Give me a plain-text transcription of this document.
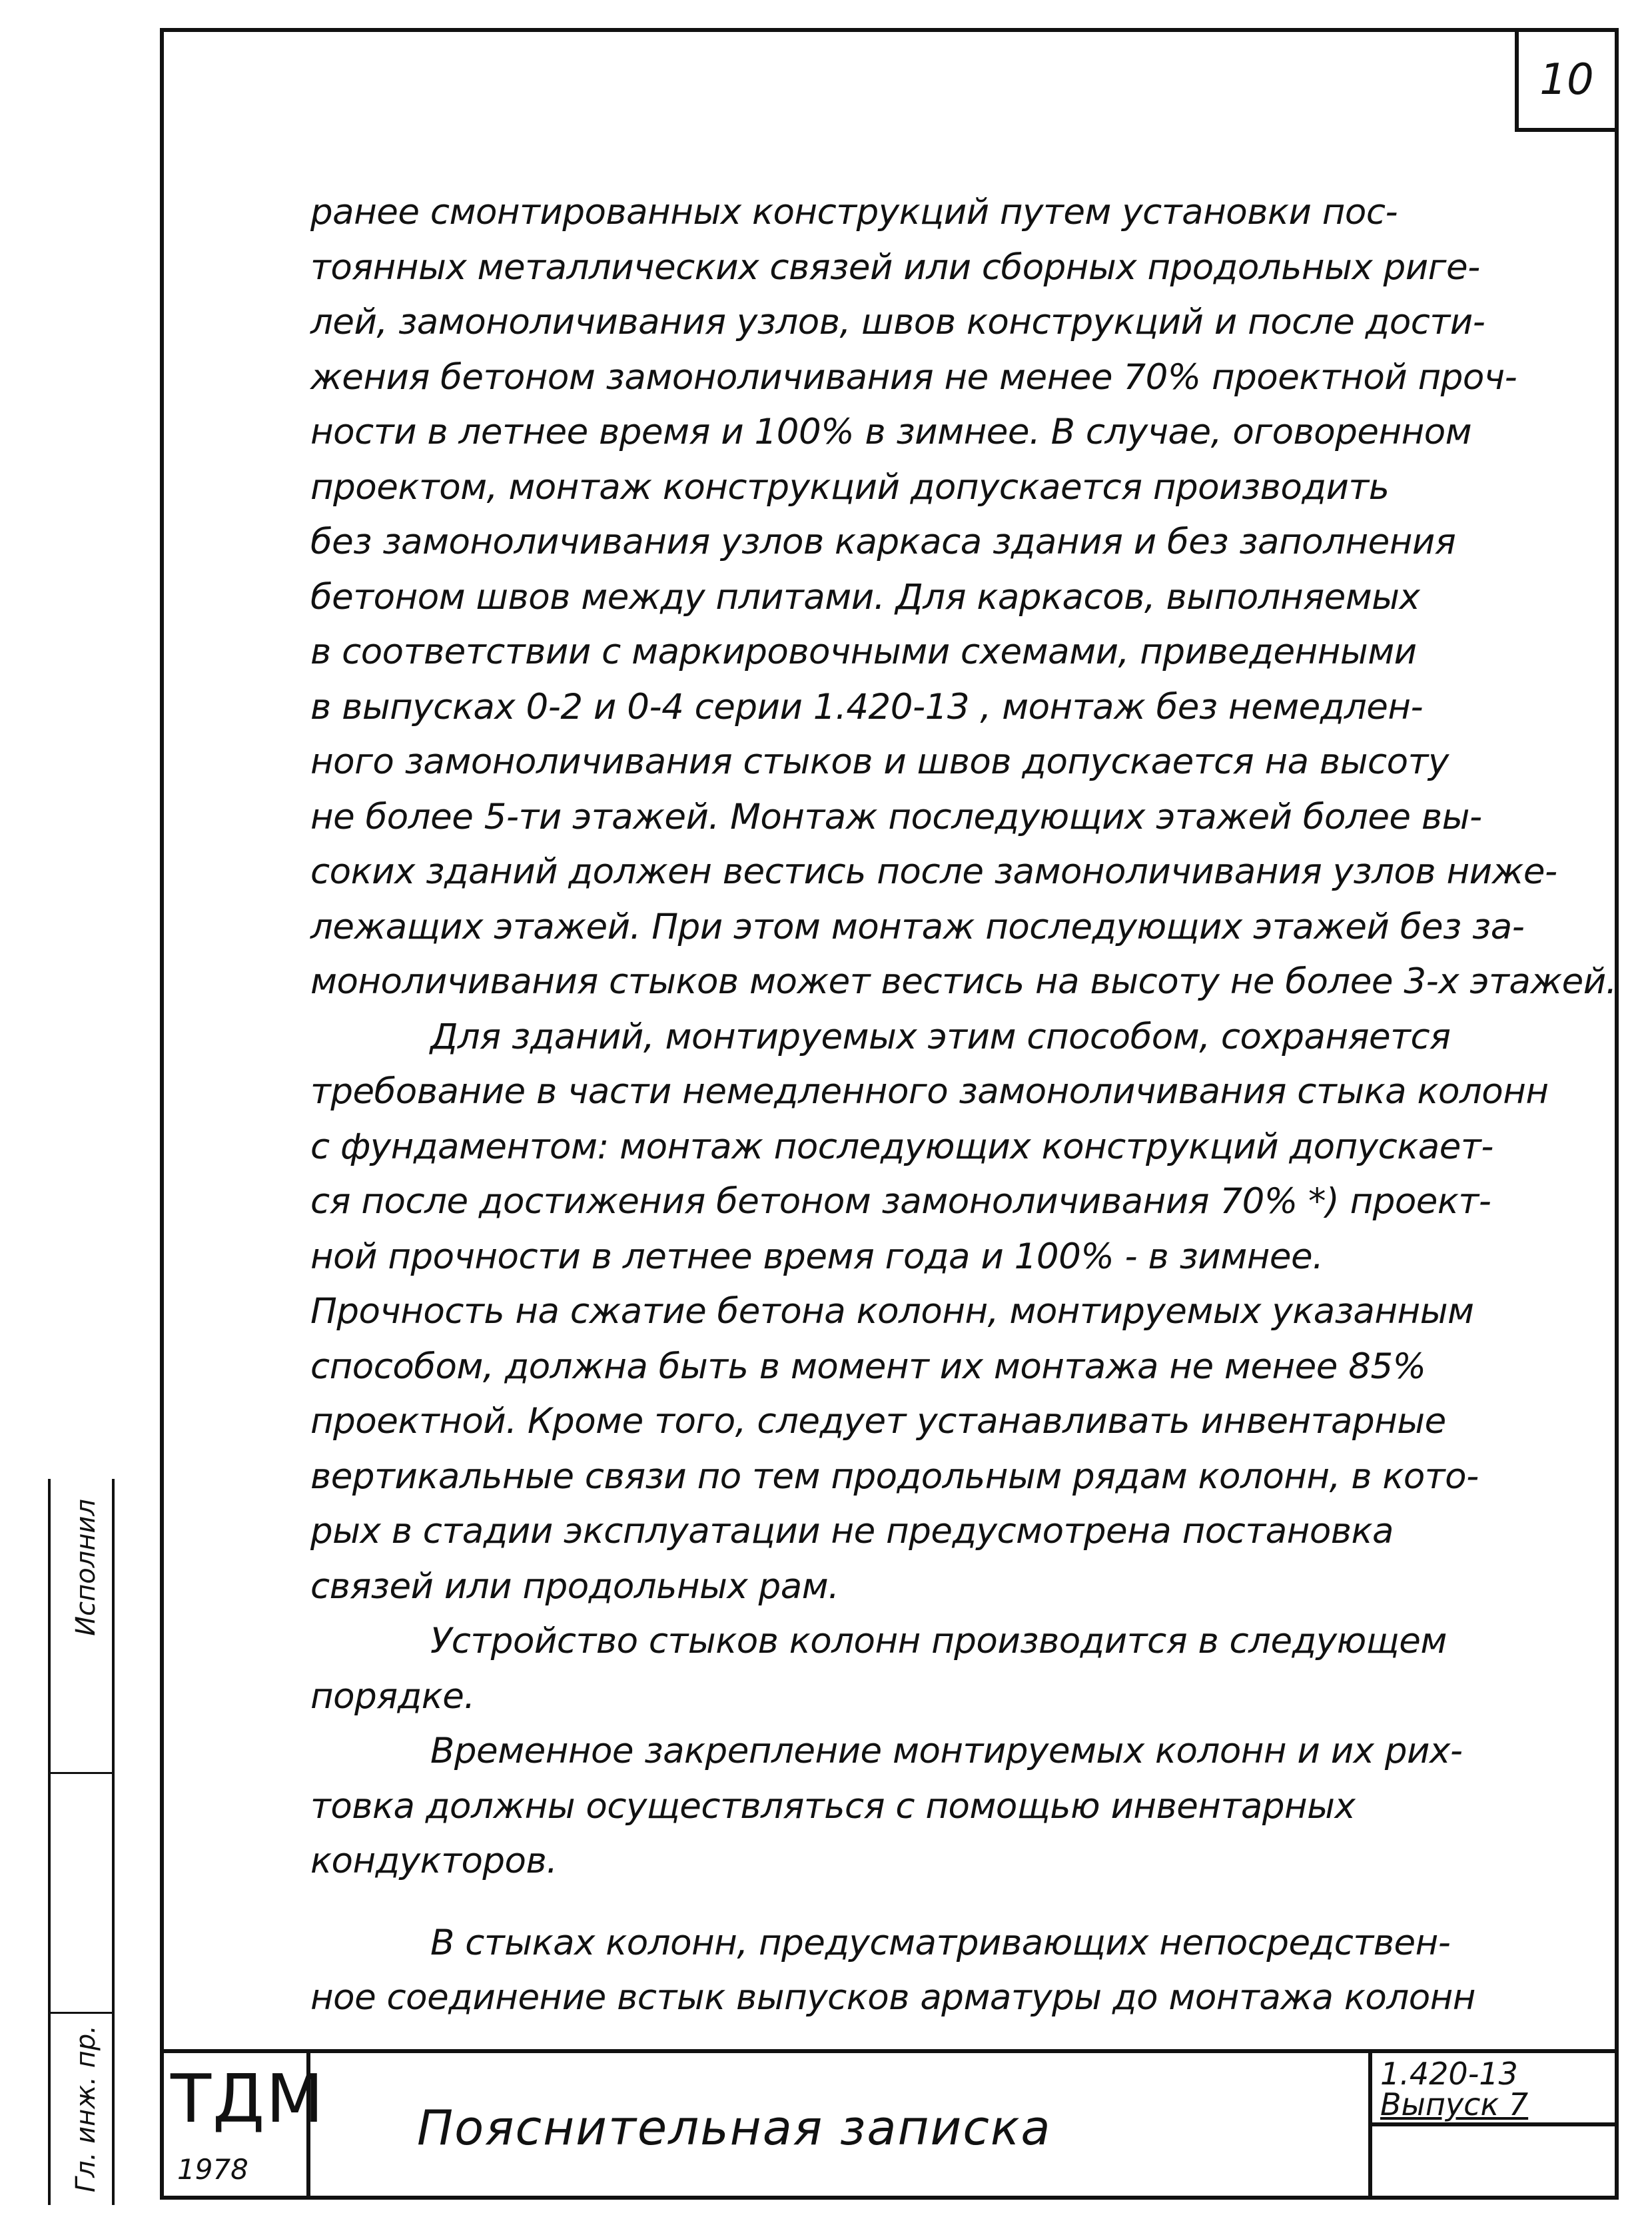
10
ранее смонтированных конструкций путем установки пос-
тоянных металлических связей или сборных продольных риге-
лей, замоноличивания узлов, швов конструкций и после дости-
жения бетоном замоноличивания не менее 70% проектной проч-
ности в летнее время и 100% в зимнее. В случае, оговоренном
проектом, монтаж конструкций допускается производить
без замоноличивания узлов каркаса здания и без заполнения
бетоном швов между плитами. Для каркасов, выполняемых
в соответствии с маркировочными схемами, приведенными
в выпусках 0-2 и 0-4 серии 1.420-13 , монтаж без немедлен-
ного замоноличивания стыков и швов допускается на высоту
не более 5-ти этажей. Монтаж последующих этажей более вы-
соких зданий должен вестись после замоноличивания узлов ниже-
лежащих этажей. При этом монтаж последующих этажей без за-
моноличивания стыков может вестись на высоту не более 3-х этажей.
Для зданий, монтируемых этим способом, сохраняется
требование в части немедленного замоноличивания стыка колонн
с фундаментом: монтаж последующих конструкций допускает-
ся после достижения бетоном замоноличивания 70% *) проект-
ной прочности в летнее время года и 100% - в зимнее.
Прочность на сжатие бетона колонн, монтируемых указанным
способом, должна быть в момент их монтажа не менее 85%
проектной. Кроме того, следует устанавливать инвентарные
вертикальные связи по тем продольным рядам колонн, в кото-
рых в стадии эксплуатации не предусмотрена постановка
связей или продольных рам.
Устройство стыков колонн производится в следующем
порядке.
Временное закрепление монтируемых колонн и их рих-
товка должны осуществляться с помощью инвентарных
кондукторов.
В стыках колонн, предусматривающих непосредствен-
ное соединение встык выпусков арматуры до монтажа колонн
ТДМ
1978
Пояснительная записка
1.420-13
Выпуск 7
Исполнил
Гл. инж. пр.
